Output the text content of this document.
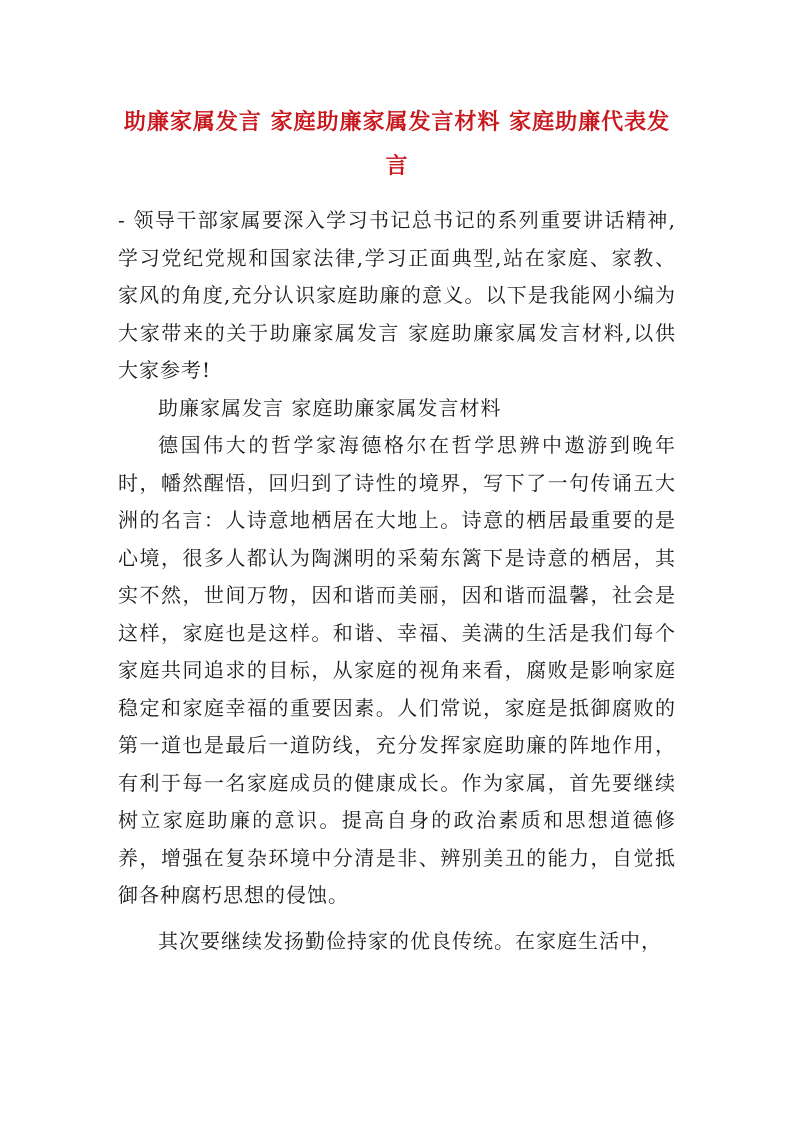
助廉家属发言 家庭助廉家属发言材料 家庭助廉代表发言

- 领导干部家属要深入学习书记总书记的系列重要讲话精神,学习党纪党规和国家法律,学习正面典型,站在家庭、家教、家风的角度,充分认识家庭助廉的意义。以下是我能网小编为大家带来的关于助廉家属发言 家庭助廉家属发言材料,以供大家参考!

助廉家属发言 家庭助廉家属发言材料

德国伟大的哲学家海德格尔在哲学思辨中遨游到晚年时，幡然醒悟，回归到了诗性的境界，写下了一句传诵五大洲的名言：人诗意地栖居在大地上。诗意的栖居最重要的是心境，很多人都认为陶渊明的采菊东篱下是诗意的栖居，其实不然，世间万物，因和谐而美丽，因和谐而温馨，社会是这样，家庭也是这样。和谐、幸福、美满的生活是我们每个家庭共同追求的目标，从家庭的视角来看，腐败是影响家庭稳定和家庭幸福的重要因素。人们常说，家庭是抵御腐败的第一道也是最后一道防线，充分发挥家庭助廉的阵地作用，有利于每一名家庭成员的健康成长。作为家属，首先要继续树立家庭助廉的意识。提高自身的政治素质和思想道德修养，增强在复杂环境中分清是非、辨别美丑的能力，自觉抵御各种腐朽思想的侵蚀。

其次要继续发扬勤俭持家的优良传统。在家庭生活中，
